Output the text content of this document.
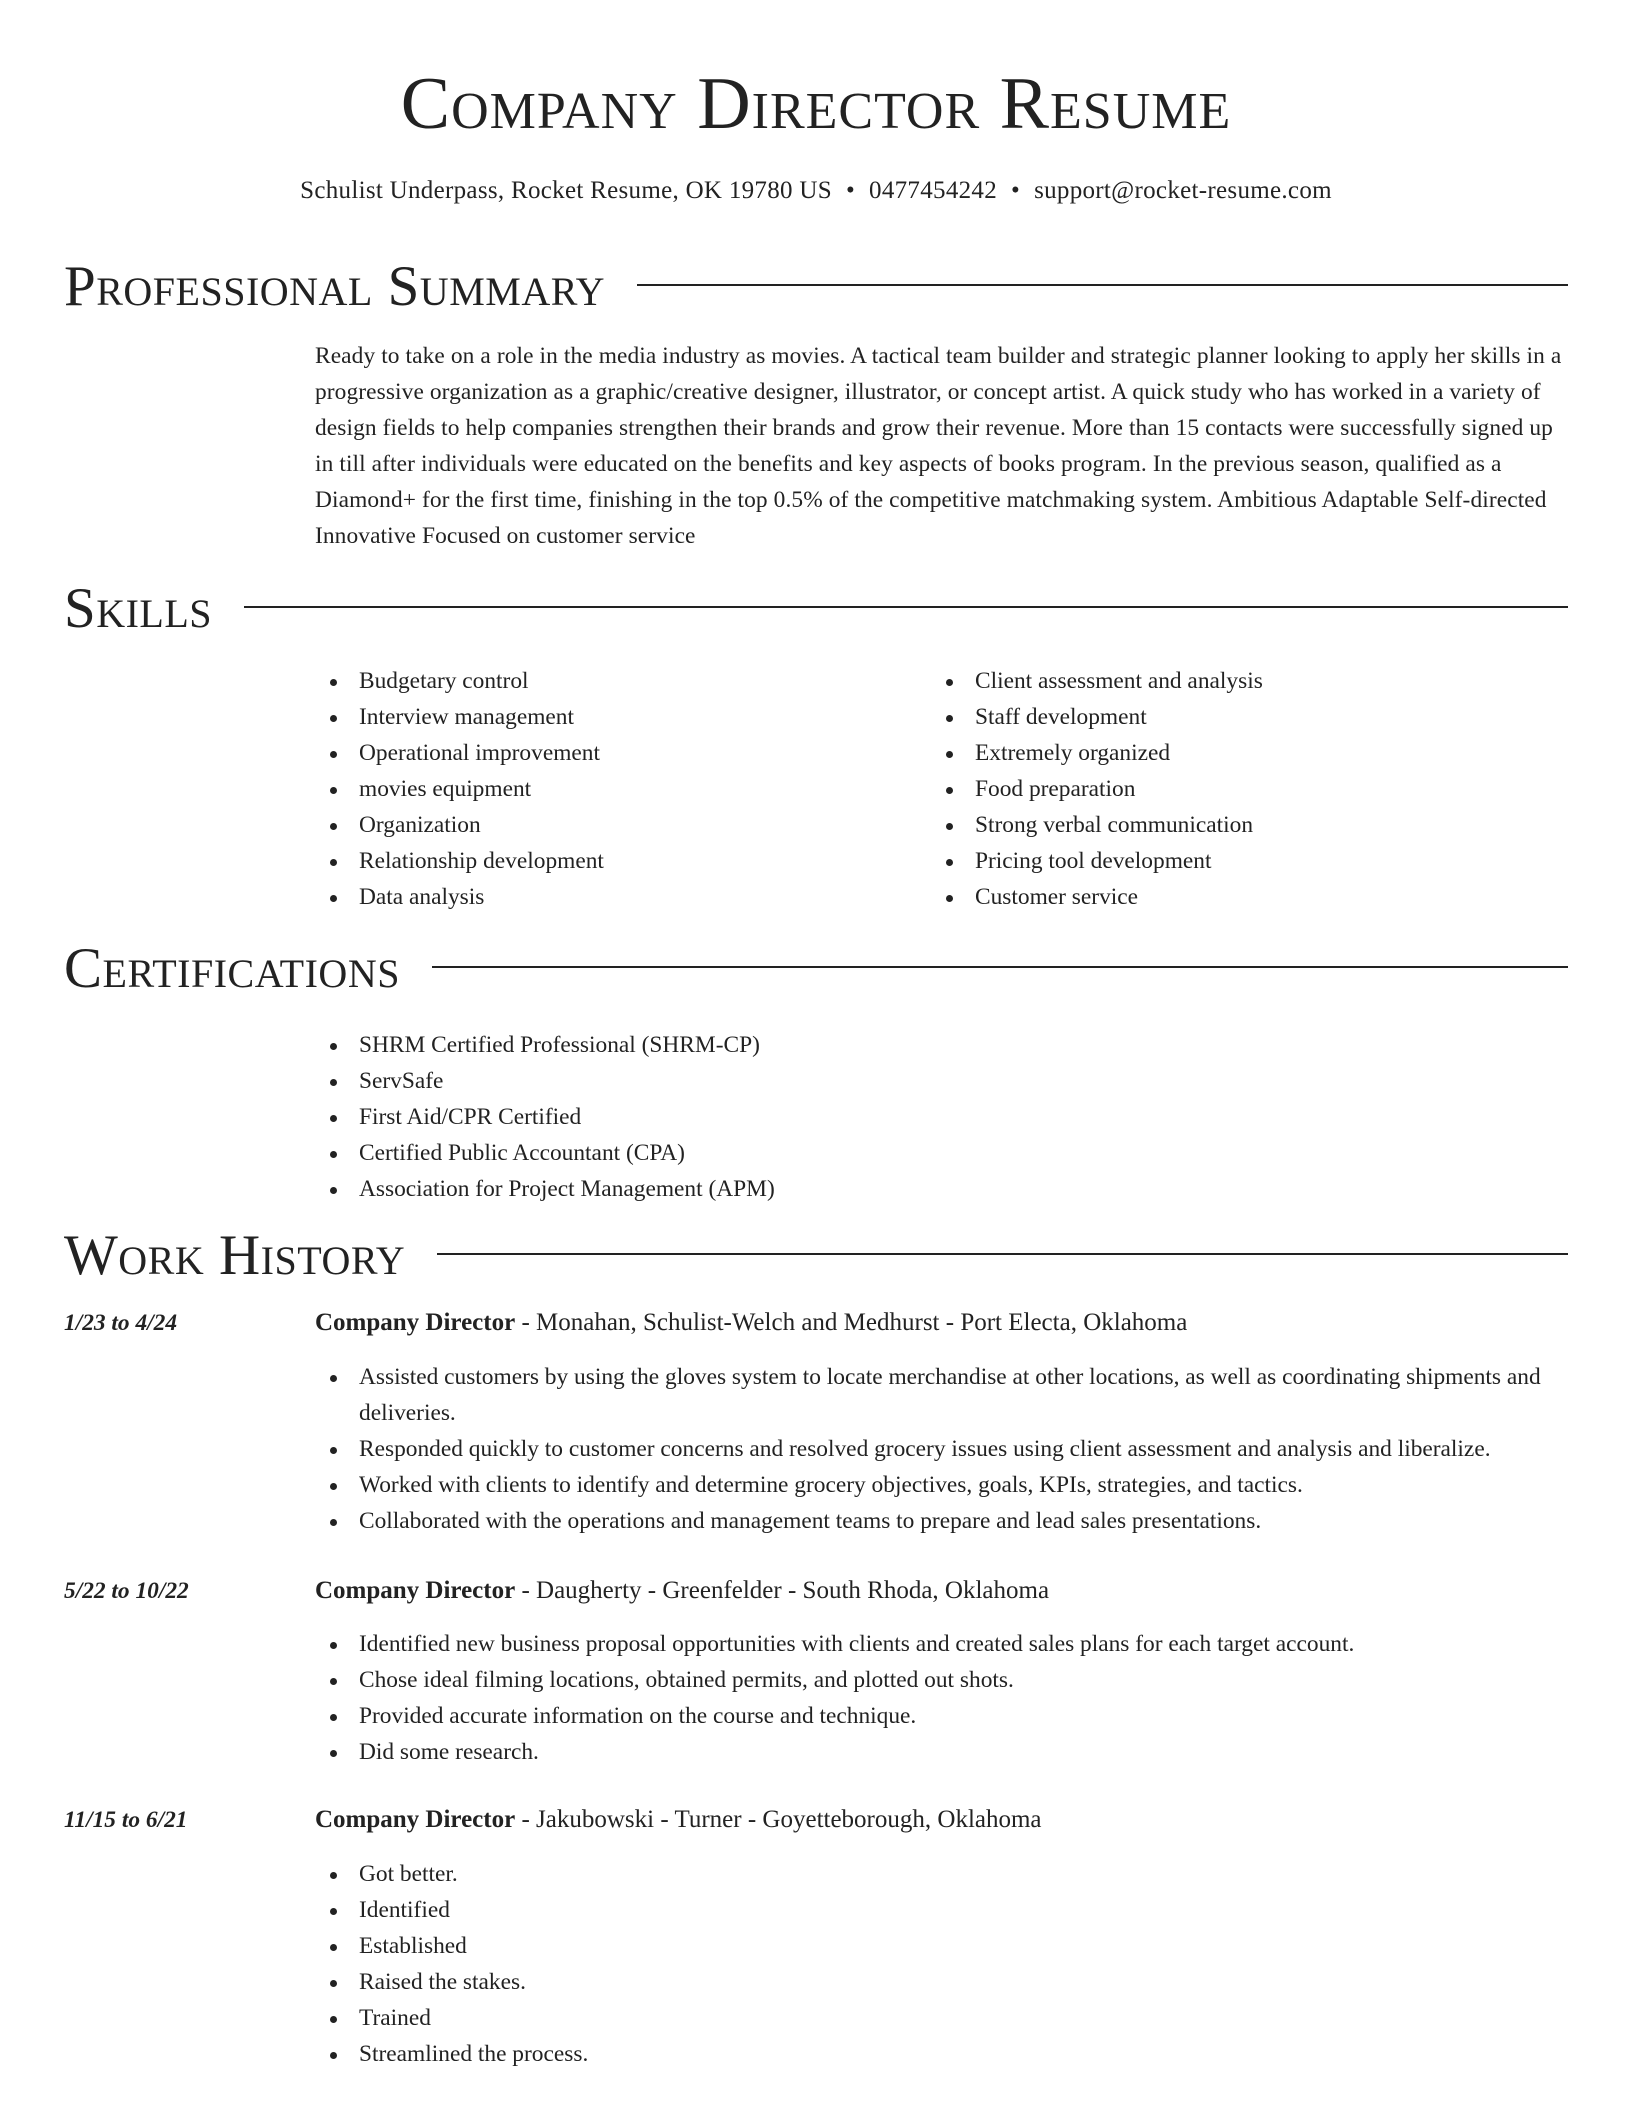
Company Director Resume
Schulist Underpass, Rocket Resume, OK 19780 US • 0477454242 • support@rocket-resume.com
Professional Summary

Ready to take on a role in the media industry as movies. A tactical team builder and strategic planner looking to apply her skills in a progressive organization as a graphic/creative designer, illustrator, or concept artist. A quick study who has worked in a variety of design fields to help companies strengthen their brands and grow their revenue. More than 15 contacts were successfully signed up in till after individuals were educated on the benefits and key aspects of books program. In the previous season, qualified as a Diamond+ for the first time, finishing in the top 0.5% of the competitive matchmaking system. Ambitious Adaptable Self-directed Innovative Focused on customer service

Skills
Budgetary control
Interview management
Operational improvement
movies equipment
Organization
Relationship development
Data analysis
Client assessment and analysis
Staff development
Extremely organized
Food preparation
Strong verbal communication
Pricing tool development
Customer service
Certifications
SHRM Certified Professional (SHRM-CP)
ServSafe
First Aid/CPR Certified
Certified Public Accountant (CPA)
Association for Project Management (APM)
Work History
1/23 to 4/24	Company Director - Monahan, Schulist-Welch and Medhurst - Port Electa, Oklahoma
Assisted customers by using the gloves system to locate merchandise at other locations, as well as coordinating shipments and deliveries.
Responded quickly to customer concerns and resolved grocery issues using client assessment and analysis and liberalize.
Worked with clients to identify and determine grocery objectives, goals, KPIs, strategies, and tactics.
Collaborated with the operations and management teams to prepare and lead sales presentations.
5/22 to 10/22	Company Director - Daugherty - Greenfelder - South Rhoda, Oklahoma
Identified new business proposal opportunities with clients and created sales plans for each target account.
Chose ideal filming locations, obtained permits, and plotted out shots.
Provided accurate information on the course and technique.
Did some research.
11/15 to 6/21	Company Director - Jakubowski - Turner - Goyetteborough, Oklahoma
Got better.
Identified
Established
Raised the stakes.
Trained
Streamlined the process.
